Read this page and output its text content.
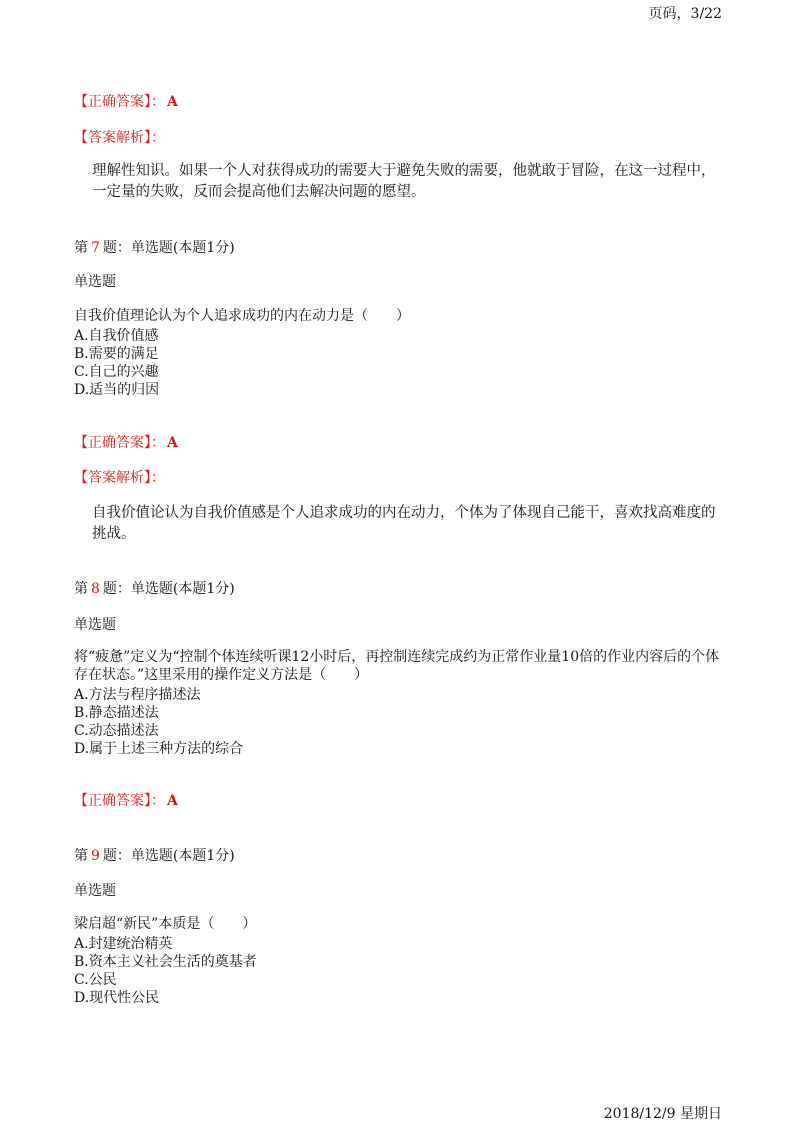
页码，3/22
【正确答案】： A
【答案解析】：
理解性知识。如果一个人对获得成功的需要大于避免失败的需要，他就敢于冒险，在这一过程中，一定量的失败，反而会提高他们去解决问题的愿望。
第 7 题：单选题(本题1分)
单选题
自我价值理论认为个人追求成功的内在动力是（　　）
A.自我价值感
B.需要的满足
C.自己的兴趣
D.适当的归因
【正确答案】： A
【答案解析】：
自我价值论认为自我价值感是个人追求成功的内在动力，个体为了体现自己能干，喜欢找高难度的挑战。
第 8 题：单选题(本题1分)
单选题
将“疲惫”定义为“控制个体连续听课12小时后，再控制连续完成约为正常作业量10倍的作业内容后的个体存在状态。”这里采用的操作定义方法是（　　）
A.方法与程序描述法
B.静态描述法
C.动态描述法
D.属于上述三种方法的综合
【正确答案】： A
第 9 题：单选题(本题1分)
单选题
梁启超“新民”本质是（　　）
A.封建统治精英
B.资本主义社会生活的奠基者
C.公民
D.现代性公民
2018/12/9 星期日
